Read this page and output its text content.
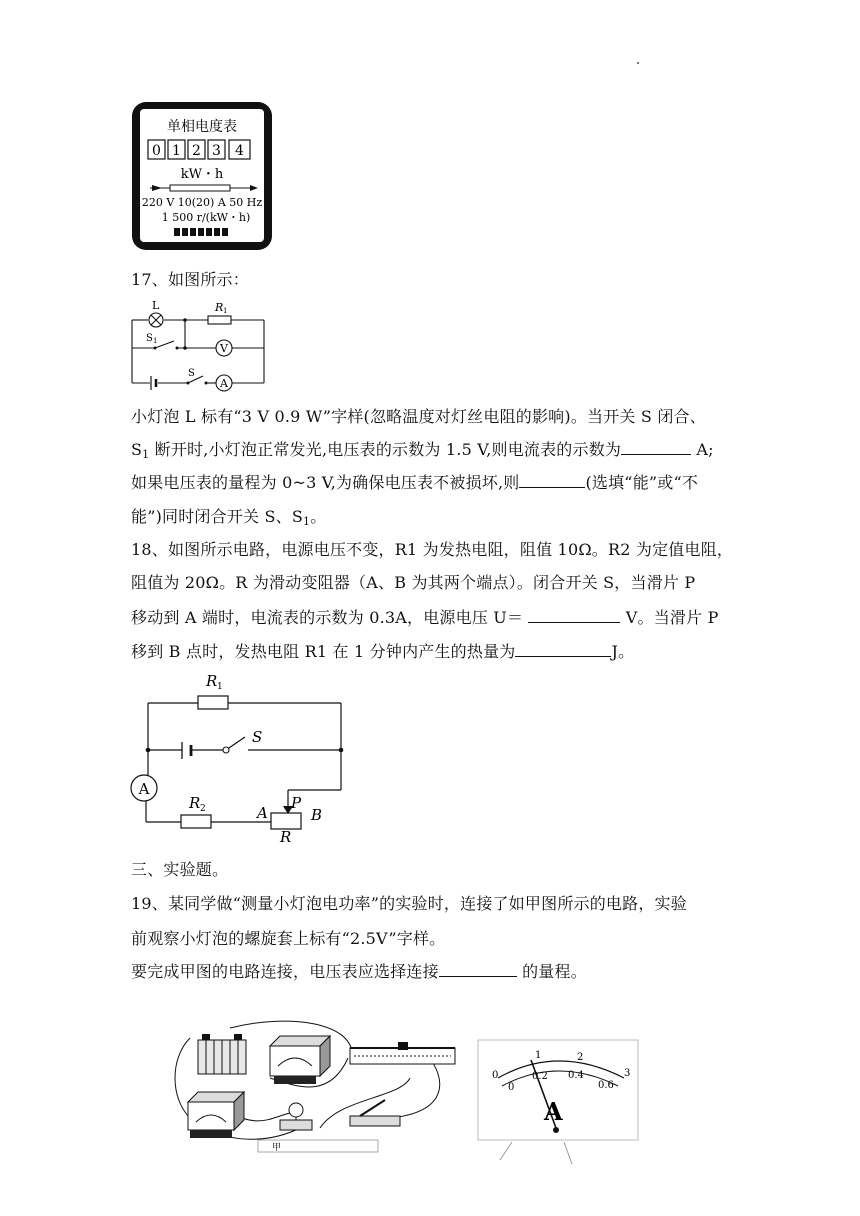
单相电度表
0 1 2 3 4
kW・h
220 V 10(20) A 50 Hz
1 500 r/(kW・h)
17、如图所示：
L	R 1
S 1
S
V
A
小灯泡 L 标有“3 V 0.9 W”字样(忽略温度对灯丝电阻的影响)。当开关 S 闭合、
$S_1$ 断开时,小灯泡正常发光,电压表的示数为 1.5 V,则电流表的示数为	A;
如果电压表的量程为 0~3 V,为确保电压表不被损坏,则	(选填“能”或“不
能”)同时闭合开关 S、$S_1$。
18、如图所示电路，电源电压不变，R1 为发热电阻，阻值 10Ω。R2 为定值电阻，
阻值为 20Ω。R 为滑动变阻器（A、B 为其两个端点）。闭合开关 S，当滑片 P
移动到 A 端时，电流表的示数为 0.3A，电源电压 U＝	V。当滑片 P
移到 B 点时，发热电阻 R1 在 1 分钟内产生的热量为	J。
R 1
S
A
R 2	A
P
B
R
三、实验题。
19、某同学做“测量小灯泡电功率”的实验时，连接了如甲图所示的电路，实验
前观察小灯泡的螺旋套上标有“2.5V”字样。
要完成甲图的电路连接，电压表应选择连接	的量程。
甲
0
1	2
3
0
0.2 0.4
0.6
A
